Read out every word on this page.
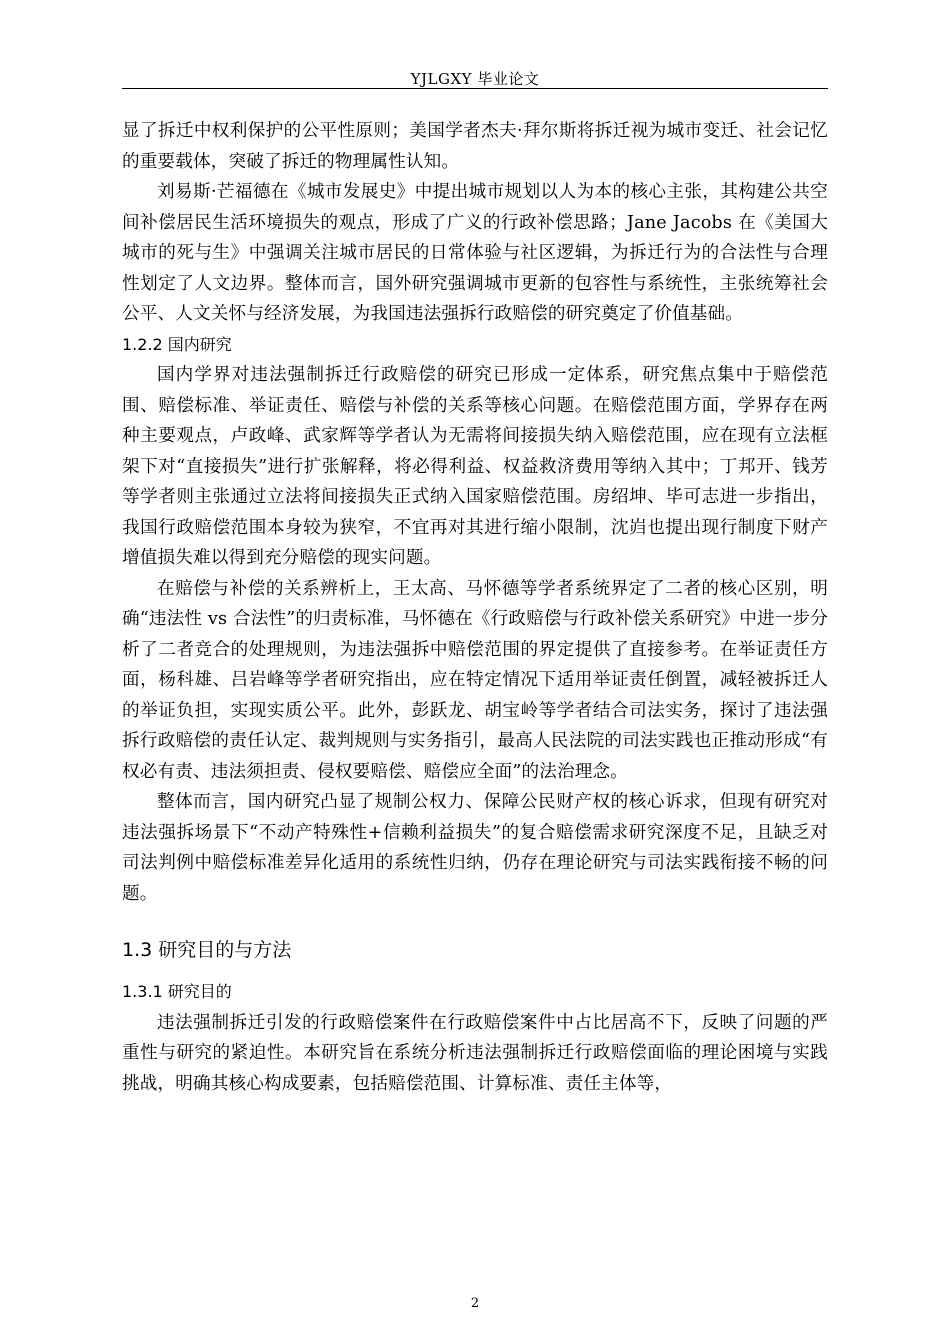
YJLGXY 毕业论文

显了拆迁中权利保护的公平性原则；美国学者杰夫·拜尔斯将拆迁视为城市变迁、社会记忆的重要载体，突破了拆迁的物理属性认知。

刘易斯·芒福德在《城市发展史》中提出城市规划以人为本的核心主张，其构建公共空间补偿居民生活环境损失的观点，形成了广义的行政补偿思路；Jane Jacobs 在《美国大城市的死与生》中强调关注城市居民的日常体验与社区逻辑，为拆迁行为的合法性与合理性划定了人文边界。整体而言，国外研究强调城市更新的包容性与系统性，主张统筹社会公平、人文关怀与经济发展，为我国违法强拆行政赔偿的研究奠定了价值基础。

1.2.2 国内研究

国内学界对违法强制拆迁行政赔偿的研究已形成一定体系，研究焦点集中于赔偿范围、赔偿标准、举证责任、赔偿与补偿的关系等核心问题。在赔偿范围方面，学界存在两种主要观点，卢政峰、武家辉等学者认为无需将间接损失纳入赔偿范围，应在现有立法框架下对“直接损失”进行扩张解释，将必得利益、权益救济费用等纳入其中；丁邦开、钱芳等学者则主张通过立法将间接损失正式纳入国家赔偿范围。房绍坤、毕可志进一步指出，我国行政赔偿范围本身较为狭窄，不宜再对其进行缩小限制，沈岿也提出现行制度下财产增值损失难以得到充分赔偿的现实问题。

在赔偿与补偿的关系辨析上，王太高、马怀德等学者系统界定了二者的核心区别，明确“违法性 vs 合法性”的归责标准，马怀德在《行政赔偿与行政补偿关系研究》中进一步分析了二者竞合的处理规则，为违法强拆中赔偿范围的界定提供了直接参考。在举证责任方面，杨科雄、吕岩峰等学者研究指出，应在特定情况下适用举证责任倒置，减轻被拆迁人的举证负担，实现实质公平。此外，彭跃龙、胡宝岭等学者结合司法实务，探讨了违法强拆行政赔偿的责任认定、裁判规则与实务指引，最高人民法院的司法实践也正推动形成“有权必有责、违法须担责、侵权要赔偿、赔偿应全面”的法治理念。

整体而言，国内研究凸显了规制公权力、保障公民财产权的核心诉求，但现有研究对违法强拆场景下“不动产特殊性+信赖利益损失”的复合赔偿需求研究深度不足，且缺乏对司法判例中赔偿标准差异化适用的系统性归纳，仍存在理论研究与司法实践衔接不畅的问题。

1.3 研究目的与方法
1.3.1 研究目的

违法强制拆迁引发的行政赔偿案件在行政赔偿案件中占比居高不下，反映了问题的严重性与研究的紧迫性。本研究旨在系统分析违法强制拆迁行政赔偿面临的理论困境与实践挑战，明确其核心构成要素，包括赔偿范围、计算标准、责任主体等，

2
